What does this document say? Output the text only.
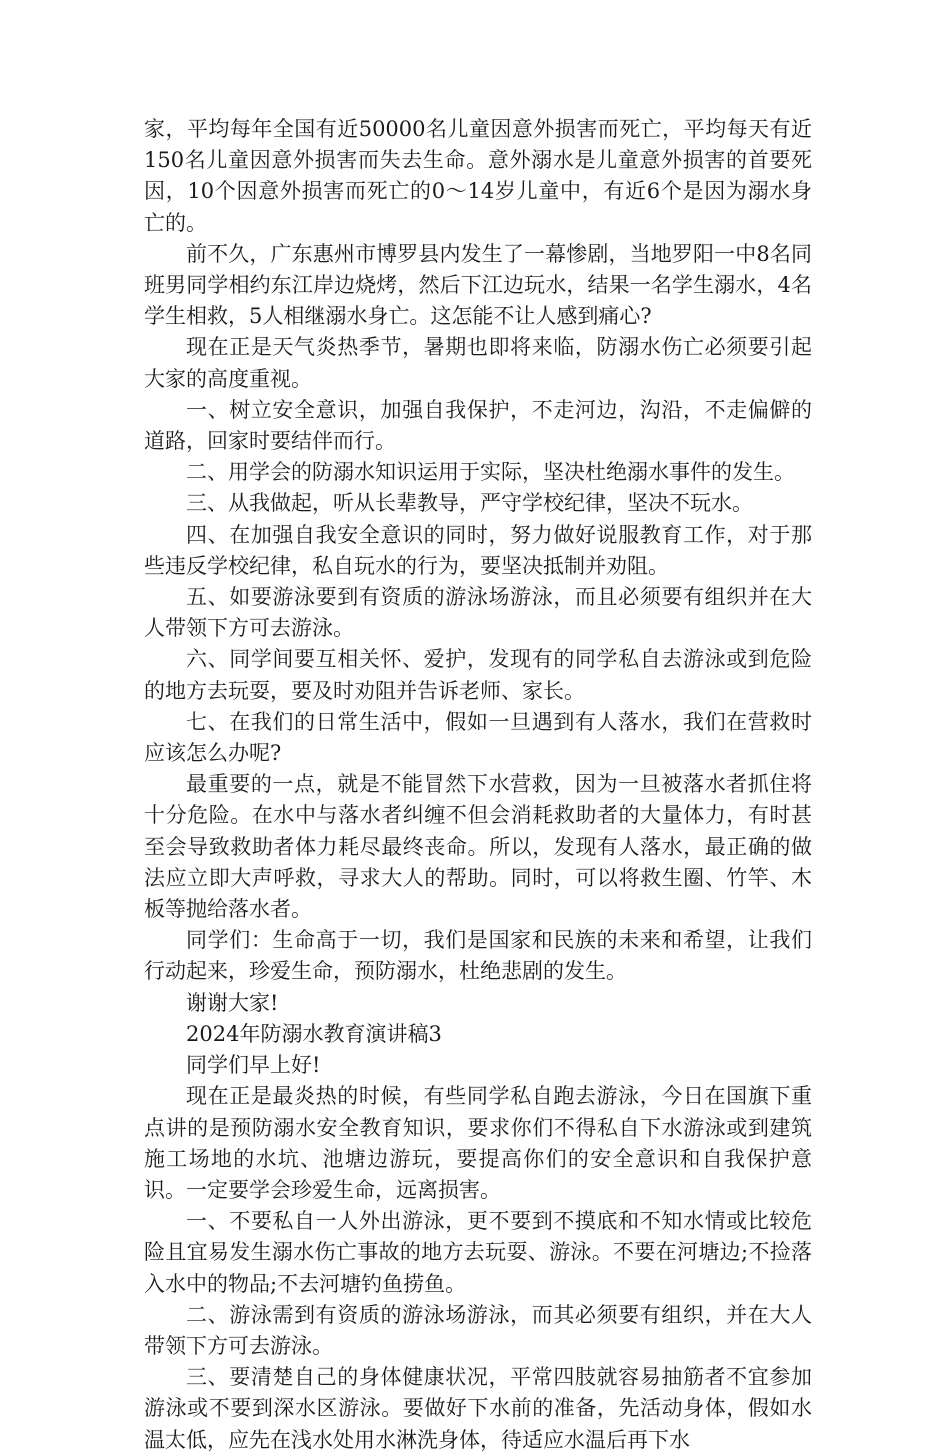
家，平均每年全国有近50000名儿童因意外损害而死亡，平均每天有近150名儿童因意外损害而失去生命。意外溺水是儿童意外损害的首要死因，10个因意外损害而死亡的0～14岁儿童中，有近6个是因为溺水身亡的。

前不久，广东惠州市博罗县内发生了一幕惨剧，当地罗阳一中8名同班男同学相约东江岸边烧烤，然后下江边玩水，结果一名学生溺水，4名学生相救，5人相继溺水身亡。这怎能不让人感到痛心?

现在正是天气炎热季节，暑期也即将来临，防溺水伤亡必须要引起大家的高度重视。

一、树立安全意识，加强自我保护，不走河边，沟沿，不走偏僻的道路，回家时要结伴而行。

二、用学会的防溺水知识运用于实际，坚决杜绝溺水事件的发生。

三、从我做起，听从长辈教导，严守学校纪律，坚决不玩水。

四、在加强自我安全意识的同时，努力做好说服教育工作，对于那些违反学校纪律，私自玩水的行为，要坚决抵制并劝阻。

五、如要游泳要到有资质的游泳场游泳，而且必须要有组织并在大人带领下方可去游泳。

六、同学间要互相关怀、爱护，发现有的同学私自去游泳或到危险的地方去玩耍，要及时劝阻并告诉老师、家长。

七、在我们的日常生活中，假如一旦遇到有人落水，我们在营救时应该怎么办呢?

最重要的一点，就是不能冒然下水营救，因为一旦被落水者抓住将十分危险。在水中与落水者纠缠不但会消耗救助者的大量体力，有时甚至会导致救助者体力耗尽最终丧命。所以，发现有人落水，最正确的做法应立即大声呼救，寻求大人的帮助。同时，可以将救生圈、竹竿、木板等抛给落水者。

同学们：生命高于一切，我们是国家和民族的未来和希望，让我们行动起来，珍爱生命，预防溺水，杜绝悲剧的发生。

谢谢大家!

2024年防溺水教育演讲稿3

同学们早上好!

现在正是最炎热的时候，有些同学私自跑去游泳，今日在国旗下重点讲的是预防溺水安全教育知识，要求你们不得私自下水游泳或到建筑施工场地的水坑、池塘边游玩，要提高你们的安全意识和自我保护意识。一定要学会珍爱生命，远离损害。

一、不要私自一人外出游泳，更不要到不摸底和不知水情或比较危险且宜易发生溺水伤亡事故的地方去玩耍、游泳。不要在河塘边;不捡落入水中的物品;不去河塘钓鱼捞鱼。

二、游泳需到有资质的游泳场游泳，而其必须要有组织，并在大人带领下方可去游泳。

三、要清楚自己的身体健康状况，平常四肢就容易抽筋者不宜参加游泳或不要到深水区游泳。要做好下水前的准备，先活动身体，假如水温太低，应先在浅水处用水淋洗身体，待适应水温后再下水
